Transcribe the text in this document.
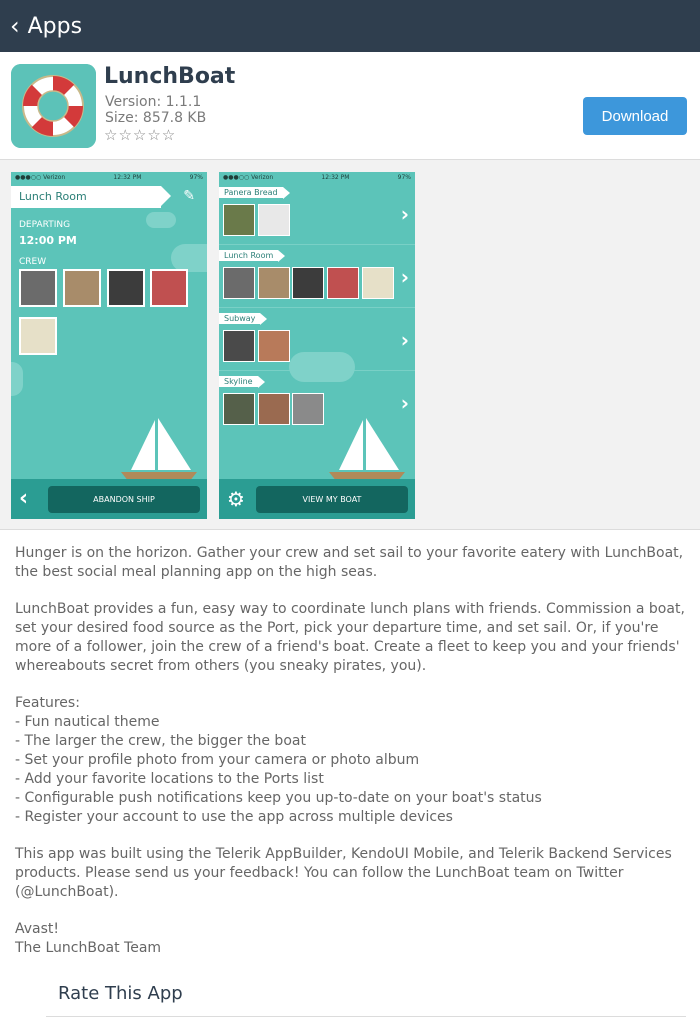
‹ Apps
LunchBoat
Version: 1.1.1
Size: 857.8 KB
☆☆☆☆☆
Download
●●●○○ Verizon	12:32 PM	97%
Lunch Room	✎
DEPARTING
12:00 PM
CREW
‹	ABANDON SHIP
●●●○○ Verizon	12:32 PM	97%
Panera Bread
›
Lunch Room
›
Subway
›
Skyline
›
⚙	VIEW MY BOAT

Hunger is on the horizon. Gather your crew and set sail to your favorite eatery with LunchBoat, the best social meal planning app on the high seas.

LunchBoat provides a fun, easy way to coordinate lunch plans with friends. Commission a boat, set your desired food source as the Port, pick your departure time, and set sail. Or, if you're more of a follower, join the crew of a friend's boat. Create a fleet to keep you and your friends' whereabouts secret from others (you sneaky pirates, you).

Features:
- Fun nautical theme
- The larger the crew, the bigger the boat
- Set your profile photo from your camera or photo album
- Add your favorite locations to the Ports list
- Configurable push notifications keep you up-to-date on your boat's status
- Register your account to use the app across multiple devices

This app was built using the Telerik AppBuilder, KendoUI Mobile, and Telerik Backend Services products. Please send us your feedback! You can follow the LunchBoat team on Twitter (@LunchBoat).

Avast!
The LunchBoat Team
Rate This App
